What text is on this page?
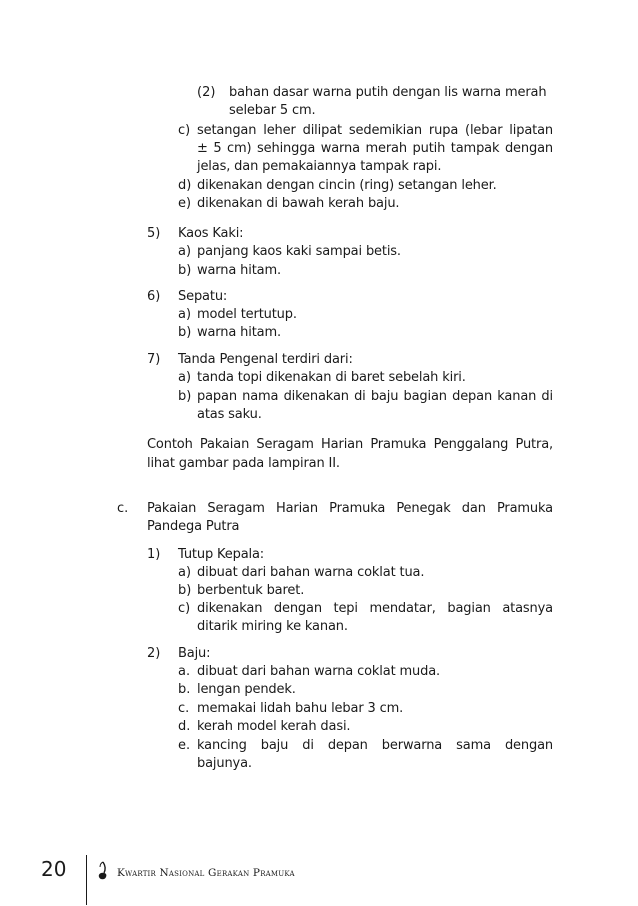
(2) bahan dasar warna putih dengan lis warna merah
selebar 5 cm.
c) setangan leher dilipat sedemikian rupa (lebar lipatan
± 5 cm) sehingga warna merah putih tampak dengan
jelas, dan pemakaiannya tampak rapi.
d) dikenakan dengan cincin (ring) setangan leher.
e) dikenakan di bawah kerah baju.
5) Kaos Kaki:
a) panjang kaos kaki sampai betis.
b) warna hitam.
6) Sepatu:
a) model tertutup.
b) warna hitam.
7) Tanda Pengenal terdiri dari:
a) tanda topi dikenakan di baret sebelah kiri.
b) papan nama dikenakan di baju bagian depan kanan di
atas saku.
Contoh Pakaian Seragam Harian Pramuka Penggalang Putra,
lihat gambar pada lampiran II.
c. Pakaian Seragam Harian Pramuka Penegak dan Pramuka
Pandega Putra
1) Tutup Kepala:
a) dibuat dari bahan warna coklat tua.
b) berbentuk baret.
c) dikenakan dengan tepi mendatar, bagian atasnya
ditarik miring ke kanan.
2) Baju:
a. dibuat dari bahan warna coklat muda.
b. lengan pendek.
c. memakai lidah bahu lebar 3 cm.
d. kerah model kerah dasi.
e. kancing baju di depan berwarna sama dengan
bajunya.
20	Kwartir Nasional Gerakan Pramuka
